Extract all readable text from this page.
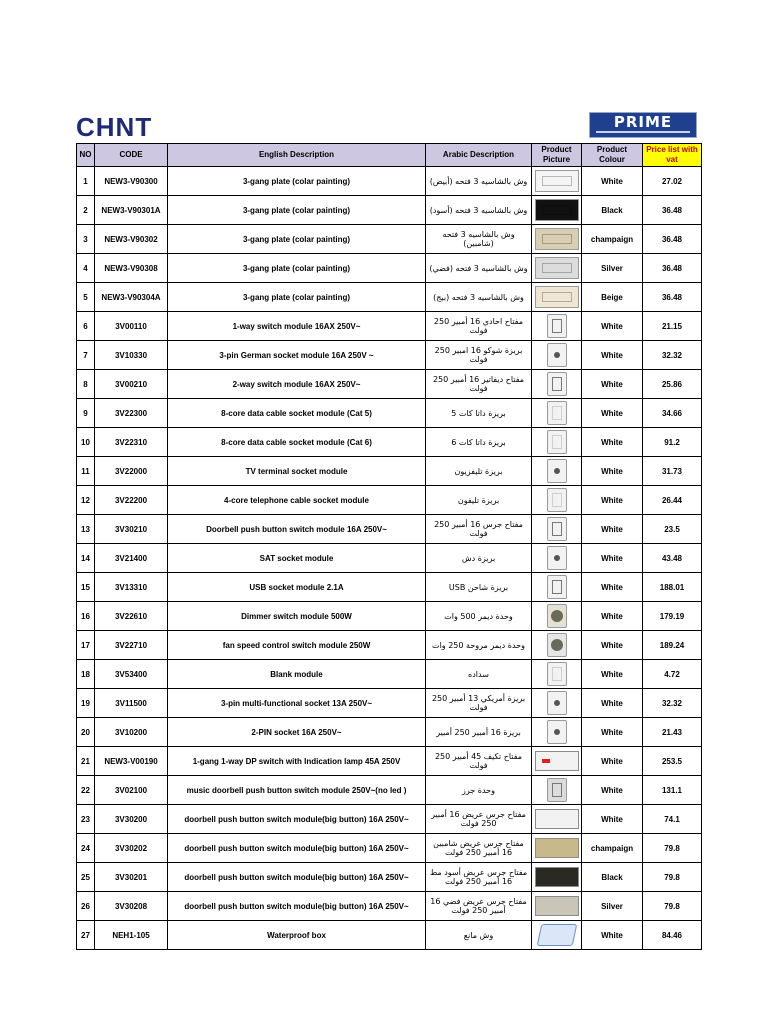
CHNT	PRIME
NO	CODE	English Description	Arabic Description	Product Picture	Product Colour	Price list with vat
1	NEW3-V90300	3-gang plate (colar painting)	وش بالشاسيه 3 فتحه (أبيض)		White	27.02
2	NEW3-V90301A	3-gang plate (colar painting)	وش بالشاسيه 3 فتحه (أسود)		Black	36.48
3	NEW3-V90302	3-gang plate (colar painting)	وش بالشاسيه 3 فتحه (شامبين)		champaign	36.48
4	NEW3-V90308	3-gang plate (colar painting)	وش بالشاسيه 3 فتحه (فضي)		Silver	36.48
5	NEW3-V90304A	3-gang plate (colar painting)	وش بالشاسيه 3 فتحه (بيج)		Beige	36.48
6	3V00110	1-way switch module 16AX 250V~	مفتاح احادي 16 أمبير 250 فولت		White	21.15
7	3V10330	3-pin German socket module 16A 250V ~	بريزة شوكو 16 امبير 250 فولت		White	32.32
8	3V00210	2-way switch module 16AX 250V~	مفتاح ديفاتير 16 أمبير 250 فولت		White	25.86
9	3V22300	8-core data cable socket module (Cat 5)	بريزة داتا كات 5		White	34.66
10	3V22310	8-core data cable socket module (Cat 6)	بريزة داتا كات 6		White	91.2
11	3V22000	TV terminal socket module	بريزة تليفزيون		White	31.73
12	3V22200	4-core telephone cable socket module	بريزة تليفون		White	26.44
13	3V30210	Doorbell push button switch module 16A 250V~	مفتاح جرس 16 أمبير 250 فولت		White	23.5
14	3V21400	SAT socket module	بريزة دش		White	43.48
15	3V13310	USB socket module 2.1A	بريزة شاحن USB		White	188.01
16	3V22610	Dimmer switch module 500W	وحدة ديمر 500 وات		White	179.19
17	3V22710	fan speed control switch module 250W	وحدة ديمر مروحة 250 وات		White	189.24
18	3V53400	Blank module	سداده		White	4.72
19	3V11500	3-pin multi-functional socket 13A 250V~	بريزة أمريكي 13 أمبير 250 فولت		White	32.32
20	3V10200	2-PIN socket 16A 250V~	بريزة 16 أمبير 250 أمبير		White	21.43
21	NEW3-V00190	1-gang 1-way DP switch with Indication lamp 45A 250V	مفتاح تكيف 45 أمبير 250 فولت		White	253.5
22	3V02100	music doorbell push button switch module 250V~(no led )	وحدة جرز		White	131.1
23	3V30200	doorbell push button switch module(big button) 16A 250V~	مفتاح جرس عريض 16 أمبير 250 فولت		White	74.1
24	3V30202	doorbell push button switch module(big button) 16A 250V~	مفتاح جرس عريض شامبين 16 أمبير 250 فولت		champaign	79.8
25	3V30201	doorbell push button switch module(big button) 16A 250V~	مفتاح جرس عريض أسود مط 16 أمبير 250 فولت		Black	79.8
26	3V30208	doorbell push button switch module(big button) 16A 250V~	مفتاح جرس عريض فضي 16 أمبير 250 فولت		Silver	79.8
27	NEH1-105	Waterproof box	وش مانع		White	84.46
